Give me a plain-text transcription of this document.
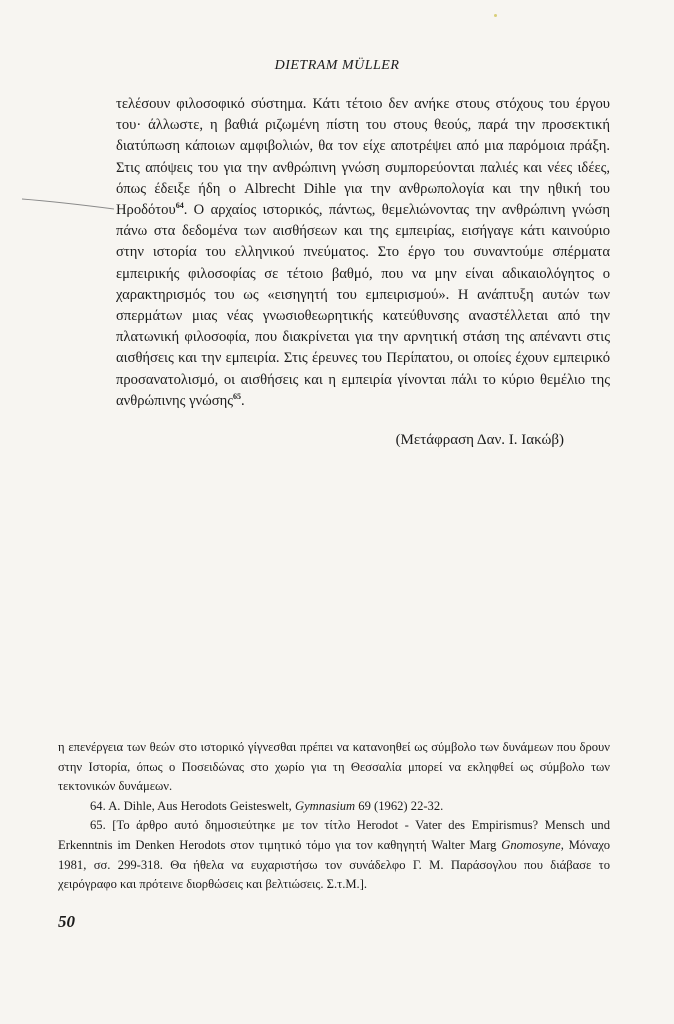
DIETRAM MÜLLER

τελέσουν φιλοσοφικό σύστημα. Κάτι τέτοιο δεν ανήκε στους στόχους του έργου του· άλλωστε, η βαθιά ριζωμένη πίστη του στους θεούς, παρά την προσεκτική διατύπωση κάποιων αμφιβολιών, θα τον είχε αποτρέψει από μια παρόμοια πράξη. Στις απόψεις του για την ανθρώπινη γνώση συμπορεύονται παλιές και νέες ιδέες, όπως έδειξε ήδη ο Albrecht Dihle για την ανθρωπολογία και την ηθική του Ηροδότου$^{64}$. Ο αρχαίος ιστορικός, πάντως, θεμελιώνοντας την ανθρώπινη γνώση πάνω στα δεδομένα των αισθήσεων και της εμπειρίας, εισήγαγε κάτι καινούριο στην ιστορία του ελληνικού πνεύματος. Στο έργο του συναντούμε σπέρματα εμπειρικής φιλοσοφίας σε τέτοιο βαθμό, που να μην είναι αδικαιολόγητος ο χαρακτηρισμός του ως «εισηγητή του εμπειρισμού». Η ανάπτυξη αυτών των σπερμάτων μιας νέας γνωσιοθεωρητικής κατεύθυνσης αναστέλλεται από την πλατωνική φιλοσοφία, που διακρίνεται για την αρνητική στάση της απέναντι στις αισθήσεις και την εμπειρία. Στις έρευνες του Περίπατου, οι οποίες έχουν εμπειρικό προσανατολισμό, οι αισθήσεις και η εμπειρία γίνονται πάλι το κύριο θεμέλιο της ανθρώπινης γνώσης$^{65}$.

(Μετάφραση Δαν. Ι. Ιακώβ)

η επενέργεια των θεών στο ιστορικό γίγνεσθαι πρέπει να κατανοηθεί ως σύμβολο των δυνάμεων που δρουν στην Ιστορία, όπως ο Ποσειδώνας στο χωρίο για τη Θεσσαλία μπορεί να εκληφθεί ως σύμβολο των τεκτονικών δυνάμεων.

64. A. Dihle, Aus Herodots Geisteswelt, Gymnasium 69 (1962) 22-32.

65. [Το άρθρο αυτό δημοσιεύτηκε με τον τίτλο Herodot - Vater des Empirismus? Mensch und Erkenntnis im Denken Herodots στον τιμητικό τόμο για τον καθηγητή Walter Marg Gnomosyne, Μόναχο 1981, σσ. 299-318. Θα ήθελα να ευχαριστήσω τον συνάδελφο Γ. Μ. Παράσογλου που διάβασε το χειρόγραφο και πρότεινε διορθώσεις και βελτιώσεις. Σ.τ.Μ.].

50
